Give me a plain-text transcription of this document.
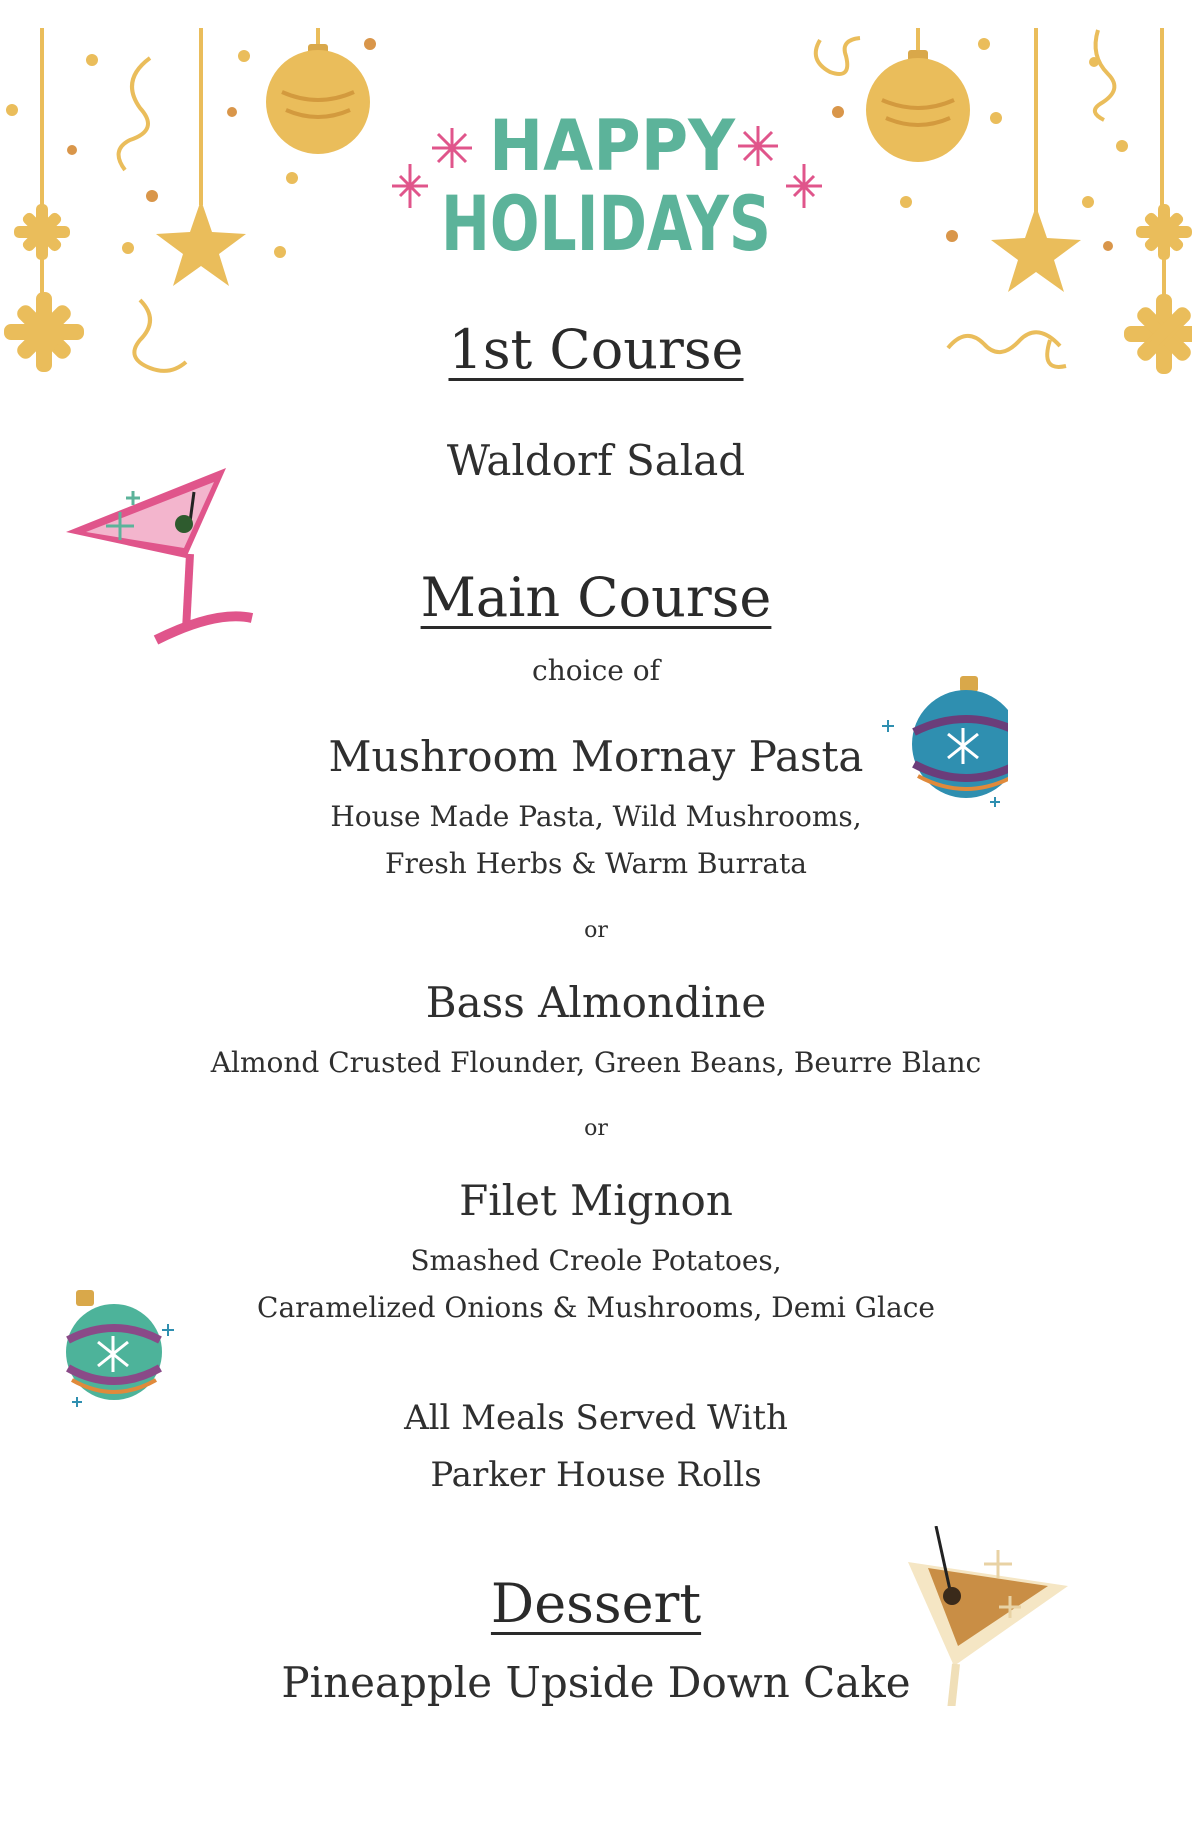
HAPPY
HOLIDAYS
1st Course
Waldorf Salad
Main Course
choice of
Mushroom Mornay Pasta
House Made Pasta, Wild Mushrooms,
Fresh Herbs & Warm Burrata
or
Bass Almondine
Almond Crusted Flounder, Green Beans, Beurre Blanc
or
Filet Mignon
Smashed Creole Potatoes,
Caramelized Onions & Mushrooms, Demi Glace
All Meals Served With
Parker House Rolls
Dessert
Pineapple Upside Down Cake
